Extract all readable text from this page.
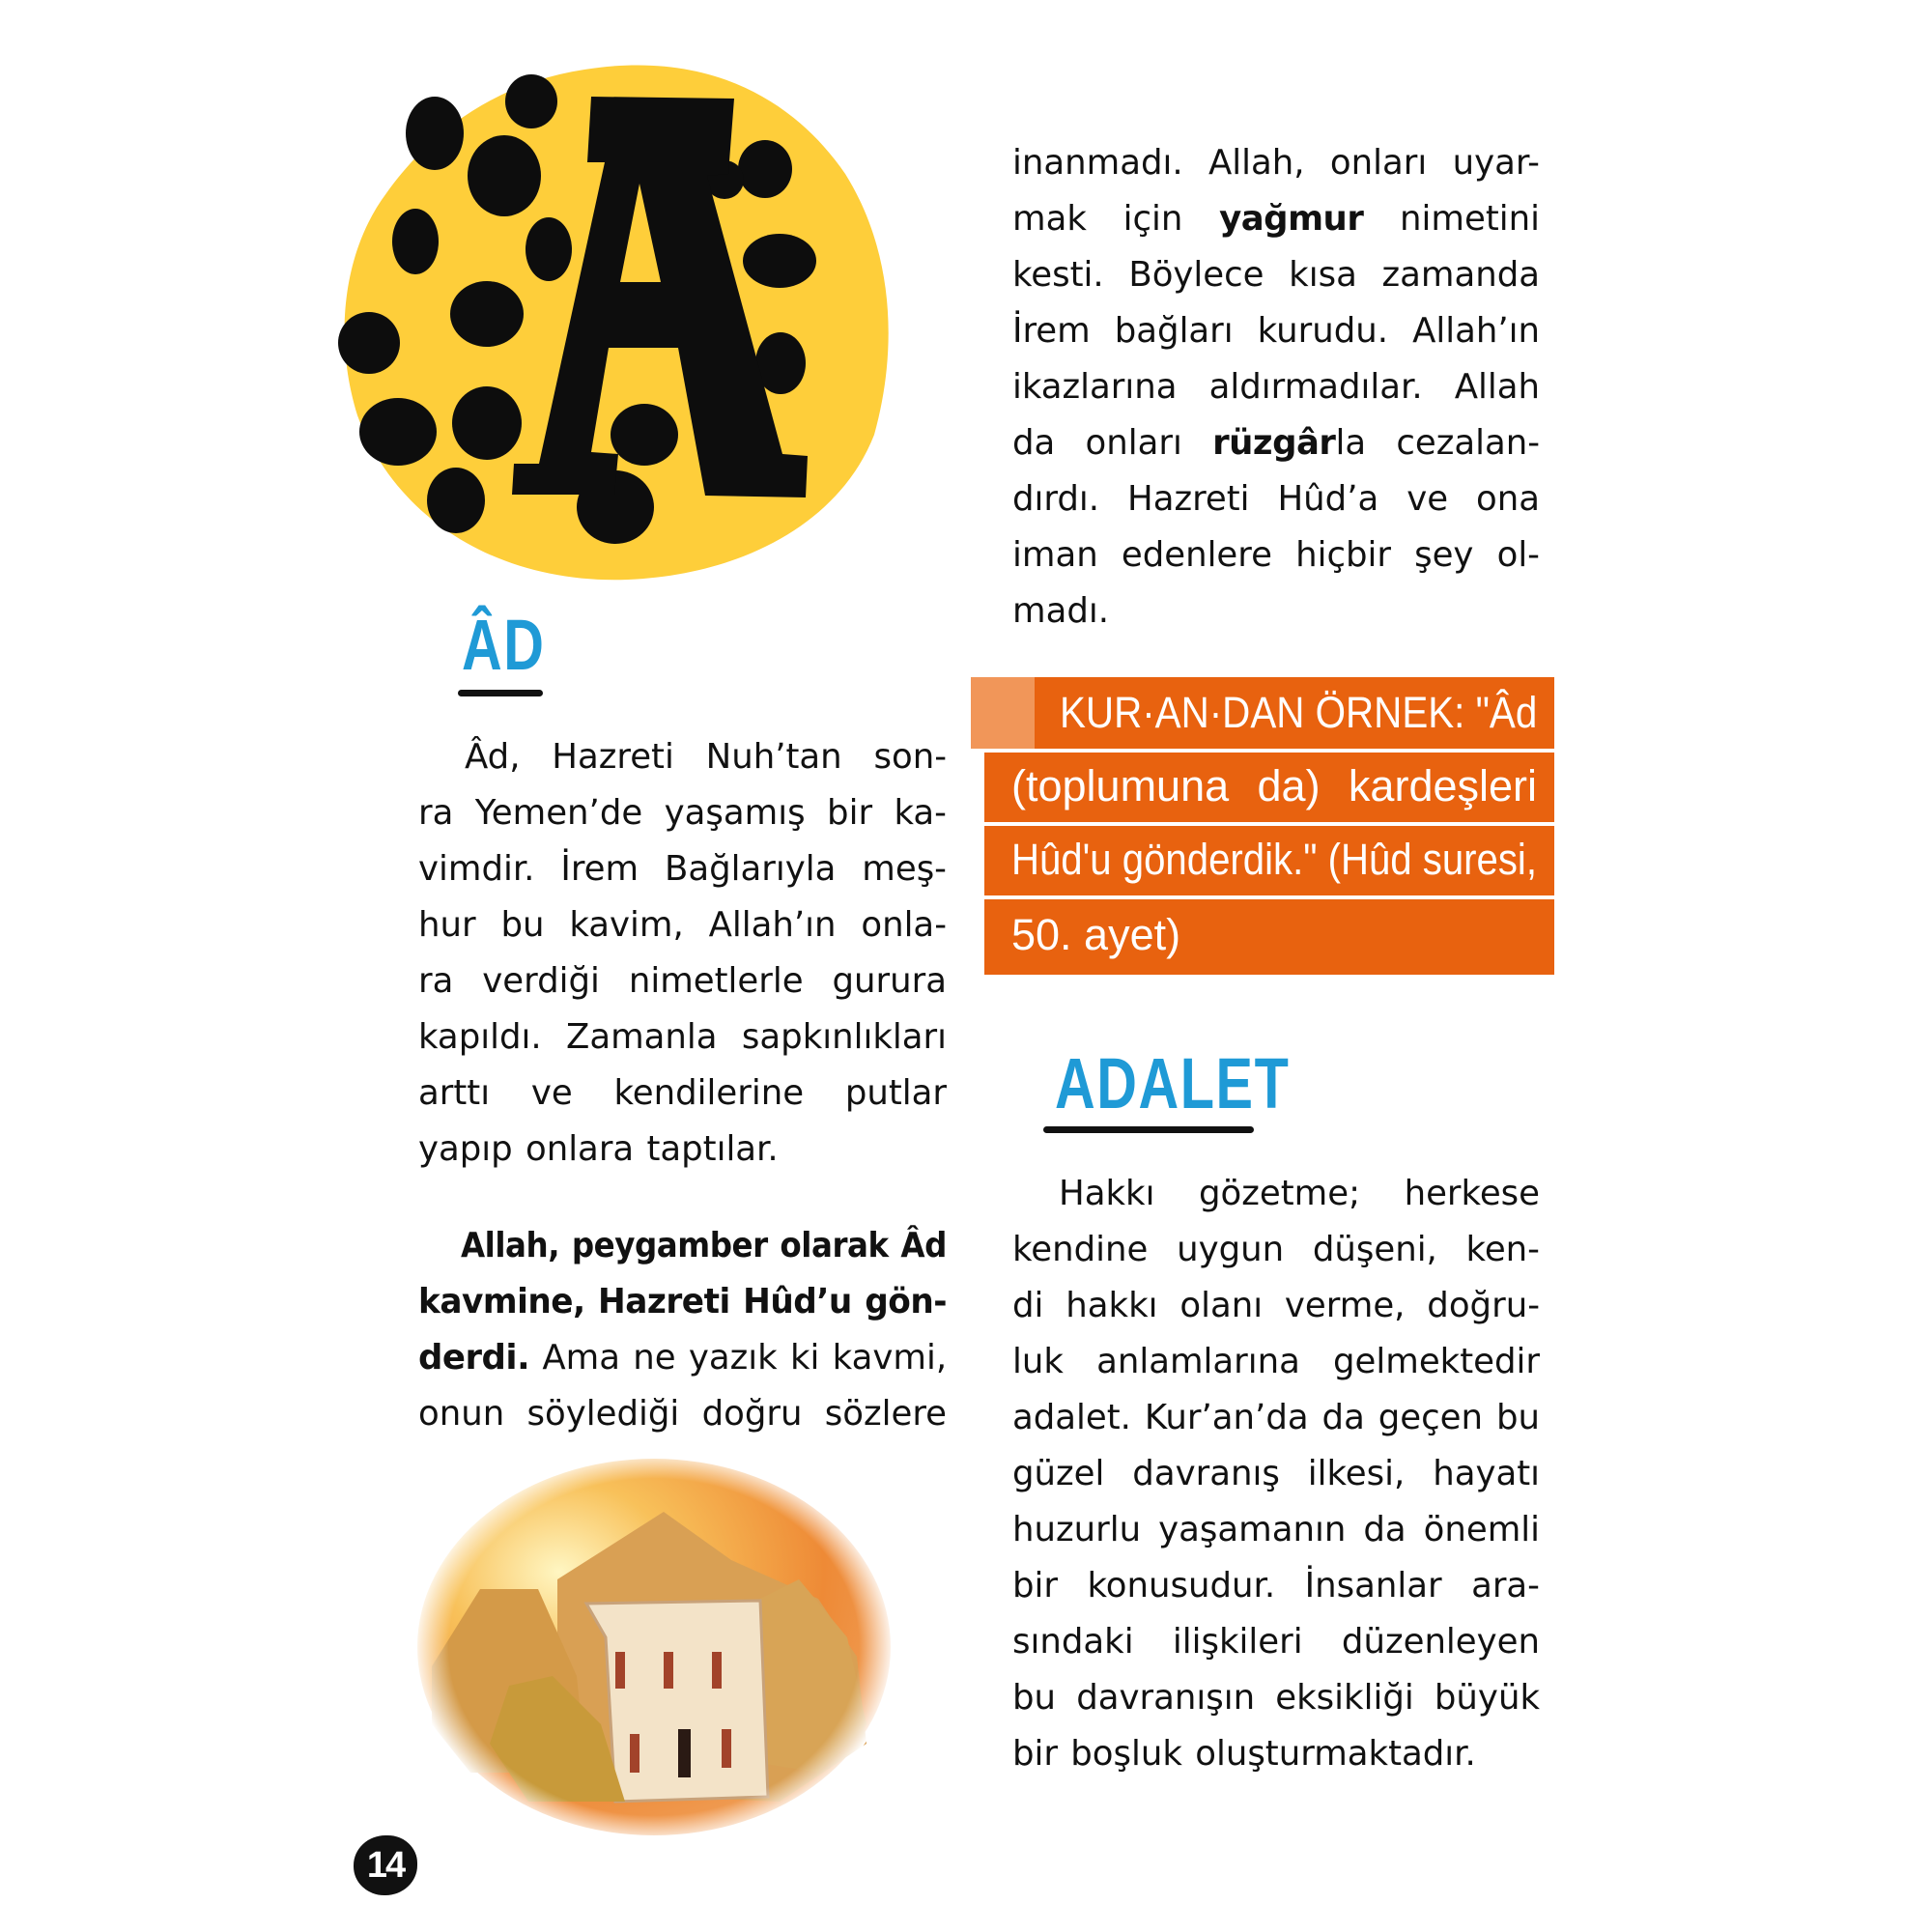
ÂD
Âd, Hazreti Nuh’tan son-
ra Yemen’de yaşamış bir ka-
vimdir. İrem Bağlarıyla meş-
hur bu kavim, Allah’ın onla-
ra verdiği nimetlerle gurura
kapıldı. Zamanla sapkınlıkları
arttı ve kendilerine putlar
yapıp onlara taptılar.
Allah, peygamber olarak Âd
kavmine, Hazreti Hûd’u gön-
derdi. Ama ne yazık ki kavmi,
onun söylediği doğru sözlere
14
inanmadı. Allah, onları uyar-
mak için yağmur nimetini
kesti. Böylece kısa zamanda
İrem bağları kurudu. Allah’ın
ikazlarına aldırmadılar. Allah
da onları rüzgârla cezalan-
dırdı. Hazreti Hûd’a ve ona
iman edenlere hiçbir şey ol-
madı.
KUR·AN·DAN ÖRNEK: "Âd
(toplumuna da) kardeşleri
Hûd'u gönderdik." (Hûd suresi,
50. ayet)
ADALET
Hakkı gözetme; herkese
kendine uygun düşeni, ken-
di hakkı olanı verme, doğru-
luk anlamlarına gelmektedir
adalet. Kur’an’da da geçen bu
güzel davranış ilkesi, hayatı
huzurlu yaşamanın da önemli
bir konusudur. İnsanlar ara-
sındaki ilişkileri düzenleyen
bu davranışın eksikliği büyük
bir boşluk oluşturmaktadır.
